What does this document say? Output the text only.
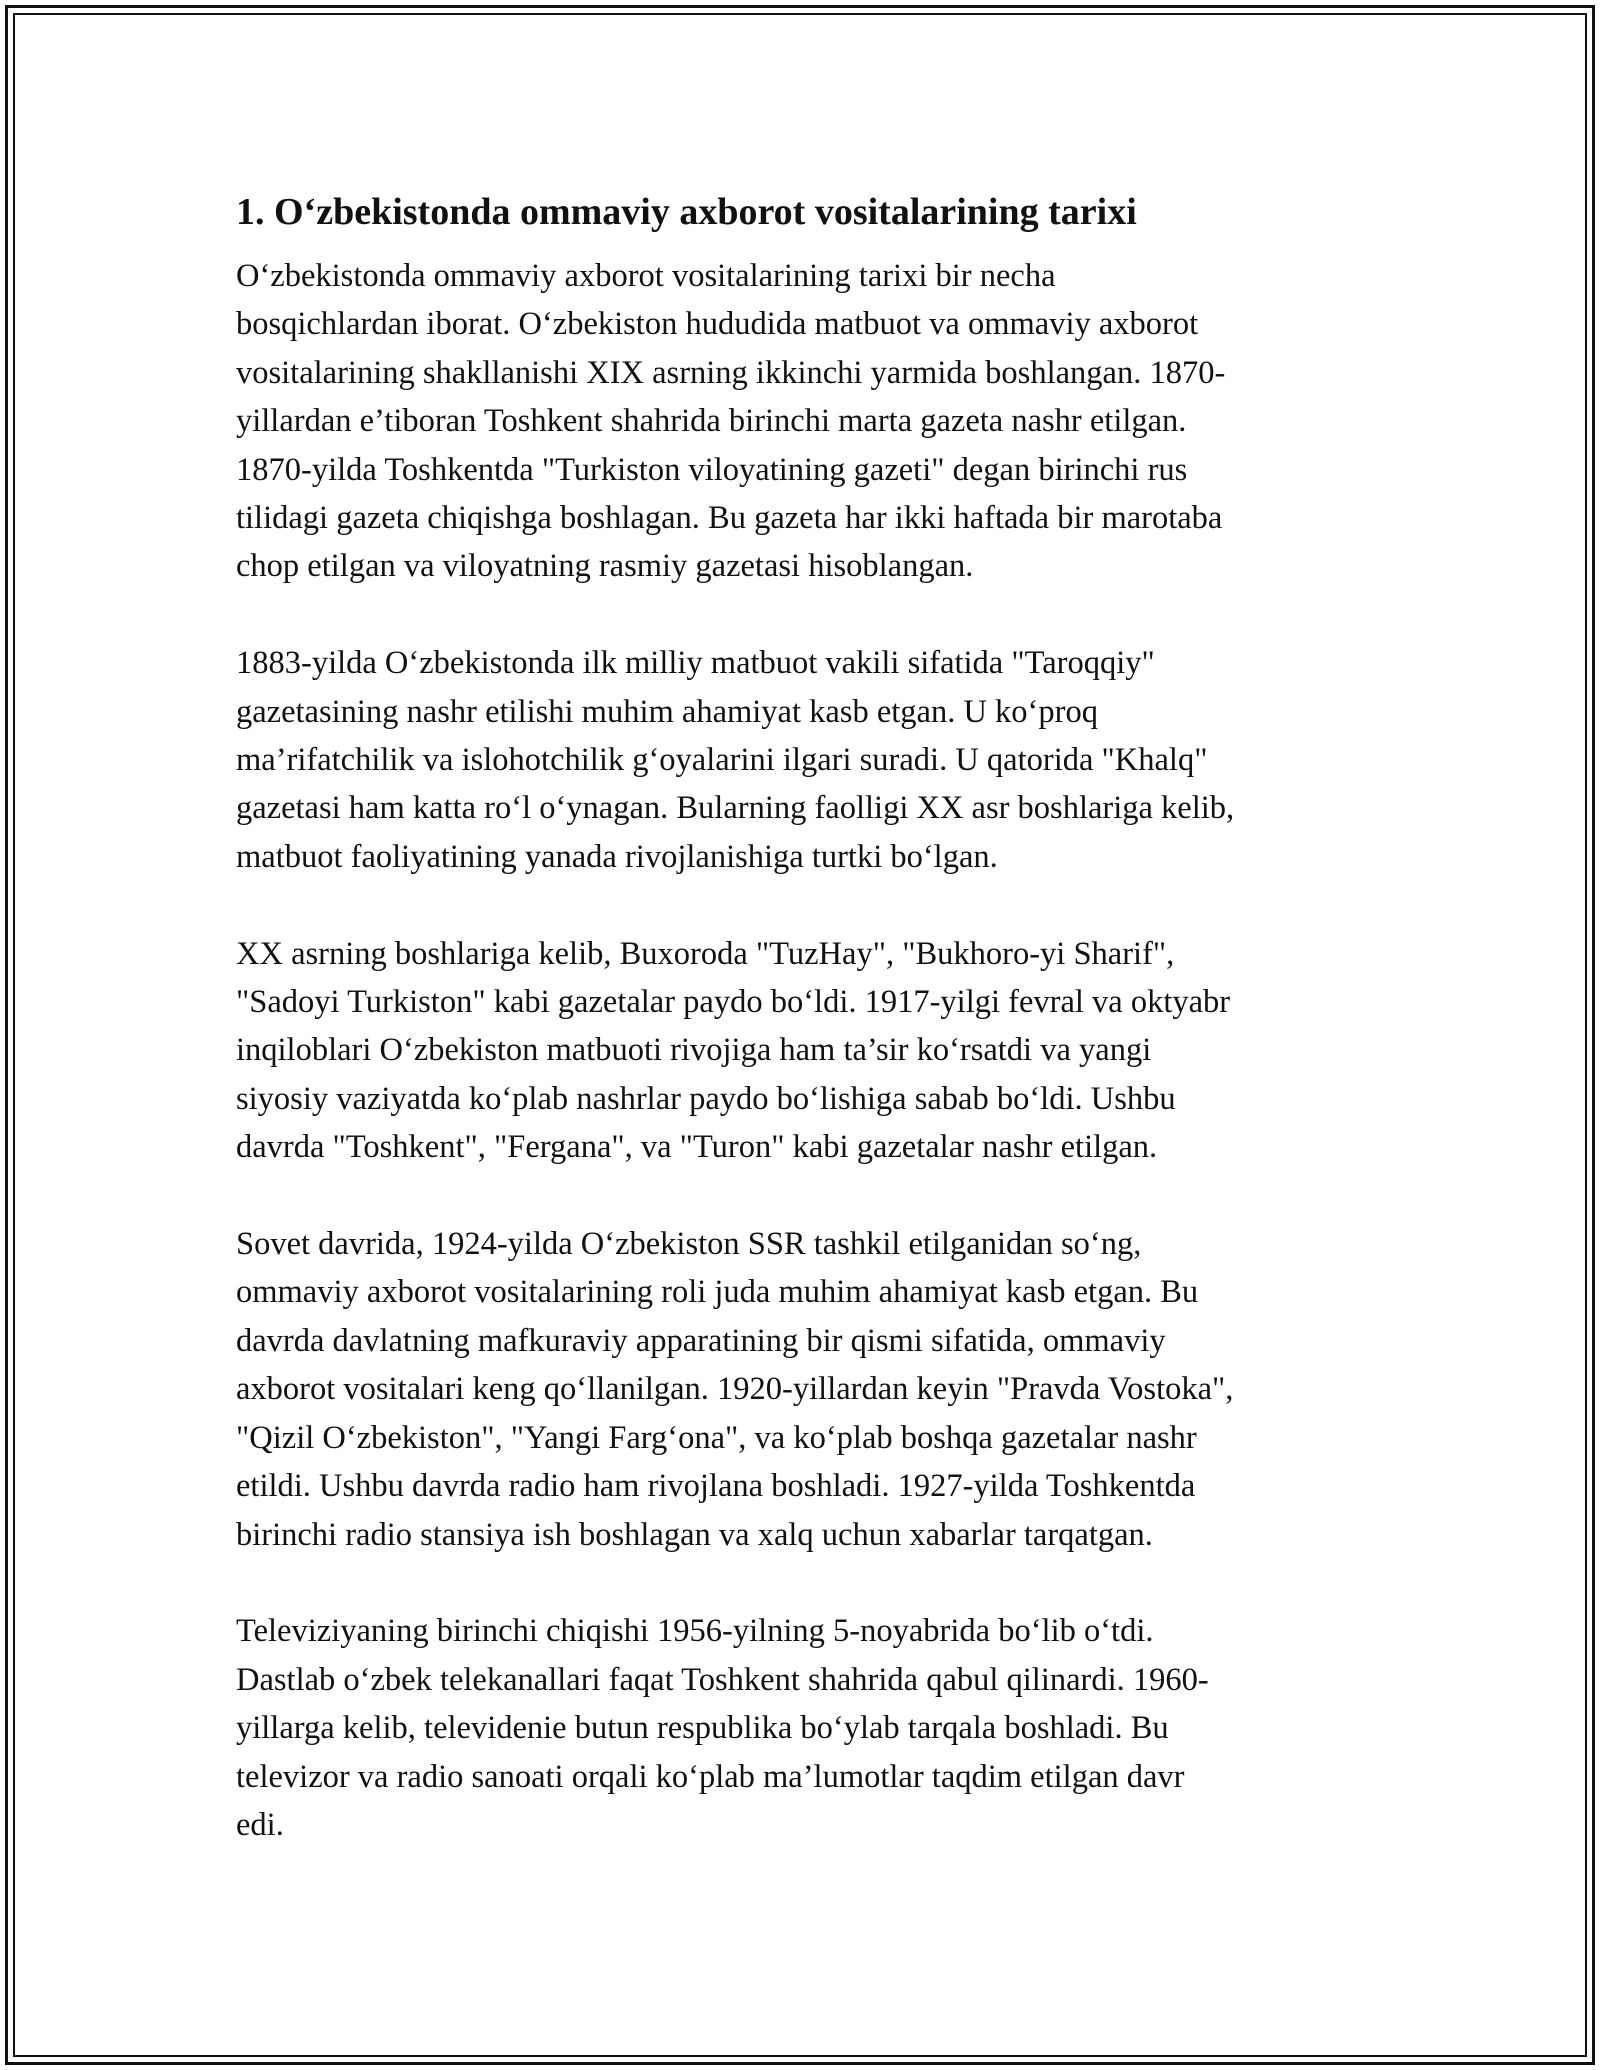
1. O‘zbekistonda ommaviy axborot vositalarining tarixi

O‘zbekistonda ommaviy axborot vositalarining tarixi bir necha
bosqichlardan iborat. O‘zbekiston hududida matbuot va ommaviy axborot
vositalarining shakllanishi XIX asrning ikkinchi yarmida boshlangan. 1870-
yillardan e’tiboran Toshkent shahrida birinchi marta gazeta nashr etilgan.
1870-yilda Toshkentda "Turkiston viloyatining gazeti" degan birinchi rus
tilidagi gazeta chiqishga boshlagan. Bu gazeta har ikki haftada bir marotaba
chop etilgan va viloyatning rasmiy gazetasi hisoblangan.

1883-yilda O‘zbekistonda ilk milliy matbuot vakili sifatida "Taroqqiy"
gazetasining nashr etilishi muhim ahamiyat kasb etgan. U ko‘proq
ma’rifatchilik va islohotchilik g‘oyalarini ilgari suradi. U qatorida "Khalq"
gazetasi ham katta ro‘l o‘ynagan. Bularning faolligi XX asr boshlariga kelib,
matbuot faoliyatining yanada rivojlanishiga turtki bo‘lgan.

XX asrning boshlariga kelib, Buxoroda "TuzHay", "Bukhoro-yi Sharif",
"Sadoyi Turkiston" kabi gazetalar paydo bo‘ldi. 1917-yilgi fevral va oktyabr
inqiloblari O‘zbekiston matbuoti rivojiga ham ta’sir ko‘rsatdi va yangi
siyosiy vaziyatda ko‘plab nashrlar paydo bo‘lishiga sabab bo‘ldi. Ushbu
davrda "Toshkent", "Fergana", va "Turon" kabi gazetalar nashr etilgan.

Sovet davrida, 1924-yilda O‘zbekiston SSR tashkil etilganidan so‘ng,
ommaviy axborot vositalarining roli juda muhim ahamiyat kasb etgan. Bu
davrda davlatning mafkuraviy apparatining bir qismi sifatida, ommaviy
axborot vositalari keng qo‘llanilgan. 1920-yillardan keyin "Pravda Vostoka",
"Qizil O‘zbekiston", "Yangi Farg‘ona", va ko‘plab boshqa gazetalar nashr
etildi. Ushbu davrda radio ham rivojlana boshladi. 1927-yilda Toshkentda
birinchi radio stansiya ish boshlagan va xalq uchun xabarlar tarqatgan.

Televiziyaning birinchi chiqishi 1956-yilning 5-noyabrida bo‘lib o‘tdi.
Dastlab o‘zbek telekanallari faqat Toshkent shahrida qabul qilinardi. 1960-
yillarga kelib, televidenie butun respublika bo‘ylab tarqala boshladi. Bu
televizor va radio sanoati orqali ko‘plab ma’lumotlar taqdim etilgan davr
edi.
